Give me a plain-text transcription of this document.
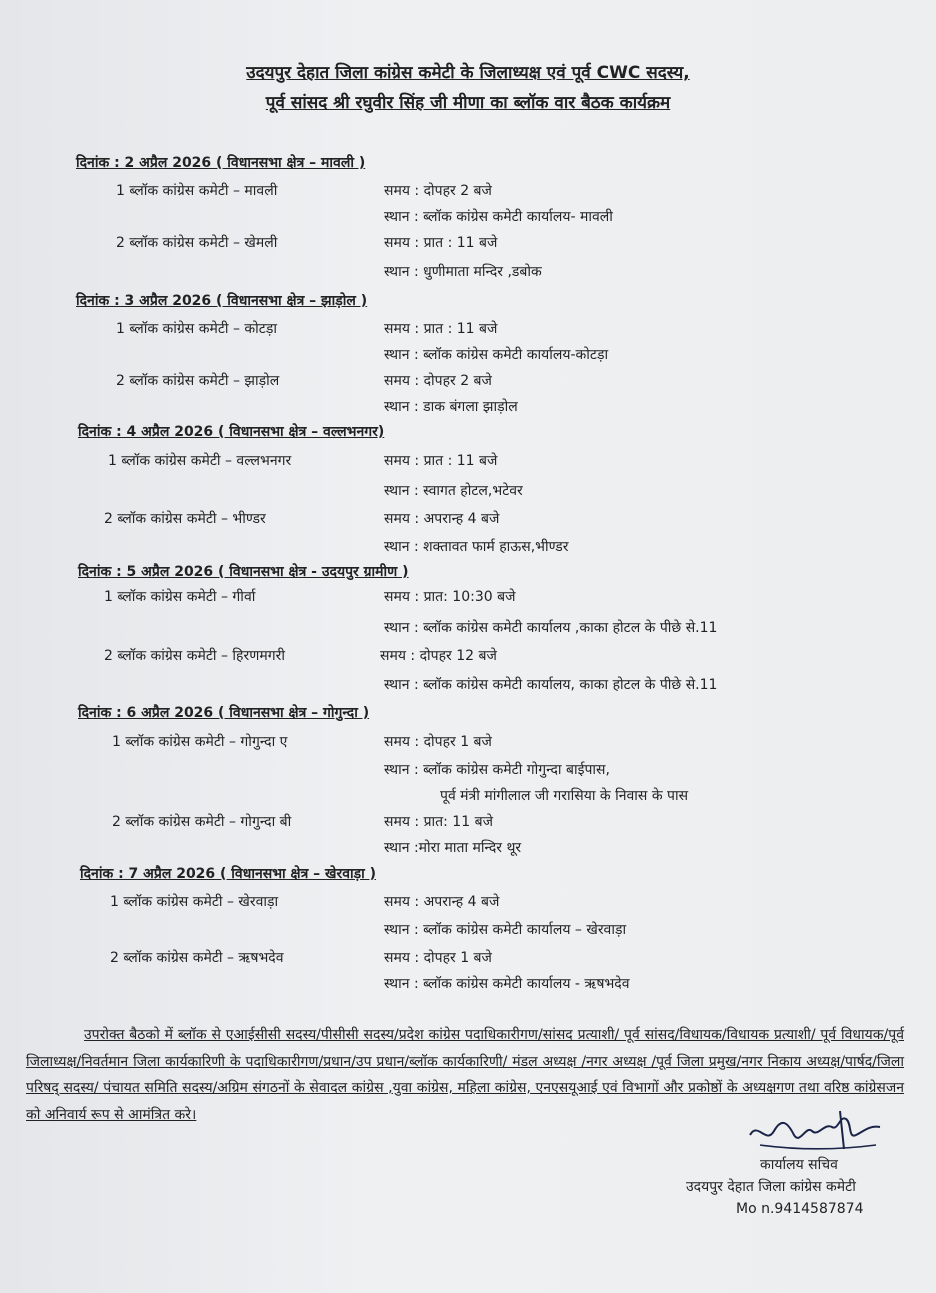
उदयपुर देहात जिला कांग्रेस कमेटी के जिलाध्यक्ष एवं पूर्व CWC सदस्य,
पूर्व सांसद श्री रघुवीर सिंह जी मीणा का ब्लॉक वार बैठक कार्यक्रम
दिनांक : 2 अप्रैल 2026 ( विधानसभा क्षेत्र – मावली )
1 ब्लॉक कांग्रेस कमेटी – मावली	समय : दोपहर 2 बजे
स्थान : ब्लॉक कांग्रेस कमेटी कार्यालय- मावली
2 ब्लॉक कांग्रेस कमेटी – खेमली	समय : प्रात : 11 बजे
स्थान : धुणीमाता मन्दिर ,डबोक
दिनांक : 3 अप्रैल 2026 ( विधानसभा क्षेत्र – झाड़ोल )
1 ब्लॉक कांग्रेस कमेटी – कोटड़ा	समय : प्रात : 11 बजे
स्थान : ब्लॉक कांग्रेस कमेटी कार्यालय-कोटड़ा
2 ब्लॉक कांग्रेस कमेटी – झाड़ोल	समय : दोपहर 2 बजे
स्थान : डाक बंगला झाड़ोल
दिनांक : 4 अप्रैल 2026 ( विधानसभा क्षेत्र – वल्लभनगर)
1 ब्लॉक कांग्रेस कमेटी – वल्लभनगर	समय : प्रात : 11 बजे
स्थान : स्वागत होटल,भटेवर
2 ब्लॉक कांग्रेस कमेटी – भीण्डर	समय : अपरान्ह 4 बजे
स्थान : शक्तावत फार्म हाऊस,भीण्डर
दिनांक : 5 अप्रैल 2026 ( विधानसभा क्षेत्र - उदयपुर ग्रामीण )
1 ब्लॉक कांग्रेस कमेटी – गीर्वा	समय : प्रात: 10:30 बजे
स्थान : ब्लॉक कांग्रेस कमेटी कार्यालय ,काका होटल के पीछे से.11
2 ब्लॉक कांग्रेस कमेटी – हिरणमगरी	समय : दोपहर 12 बजे
स्थान : ब्लॉक कांग्रेस कमेटी कार्यालय, काका होटल के पीछे से.11
दिनांक : 6 अप्रैल 2026 ( विधानसभा क्षेत्र – गोगुन्दा )
1 ब्लॉक कांग्रेस कमेटी – गोगुन्दा ए	समय : दोपहर 1 बजे
स्थान : ब्लॉक कांग्रेस कमेटी गोगुन्दा बाईपास,
पूर्व मंत्री मांगीलाल जी गरासिया के निवास के पास
2 ब्लॉक कांग्रेस कमेटी – गोगुन्दा बी	समय : प्रात: 11 बजे
स्थान :मोरा माता मन्दिर थूर
दिनांक : 7 अप्रैल 2026 ( विधानसभा क्षेत्र – खेरवाड़ा )
1 ब्लॉक कांग्रेस कमेटी – खेरवाड़ा	समय : अपरान्ह 4 बजे
स्थान : ब्लॉक कांग्रेस कमेटी कार्यालय – खेरवाड़ा
2 ब्लॉक कांग्रेस कमेटी – ऋषभदेव	समय : दोपहर 1 बजे
स्थान : ब्लॉक कांग्रेस कमेटी कार्यालय - ऋषभदेव
उपरोक्त बैठको में ब्लॉक से एआईसीसी सदस्य/पीसीसी सदस्य/प्रदेश कांग्रेस पदाधिकारीगण/सांसद प्रत्याशी/ पूर्व सांसद/विधायक/विधायक प्रत्याशी/ पूर्व विधायक/पूर्व जिलाध्यक्ष/निवर्तमान जिला कार्यकारिणी के पदाधिकारीगण/प्रधान/उप प्रधान/ब्लॉक कार्यकारिणी/ मंडल अध्यक्ष /नगर अध्यक्ष /पूर्व जिला प्रमुख/नगर निकाय अध्यक्ष/पार्षद/जिला परिषद् सदस्य/ पंचायत समिति सदस्य/अग्रिम संगठनों के सेवादल कांग्रेस ,युवा कांग्रेस, महिला कांग्रेस, एनएसयूआई एवं विभागों और प्रकोष्ठों के अध्यक्षगण तथा वरिष्ठ कांग्रेसजन को अनिवार्य रूप से आमंत्रित करे।
कार्यालय सचिव
उदयपुर देहात जिला कांग्रेस कमेटी
Mo n.9414587874
